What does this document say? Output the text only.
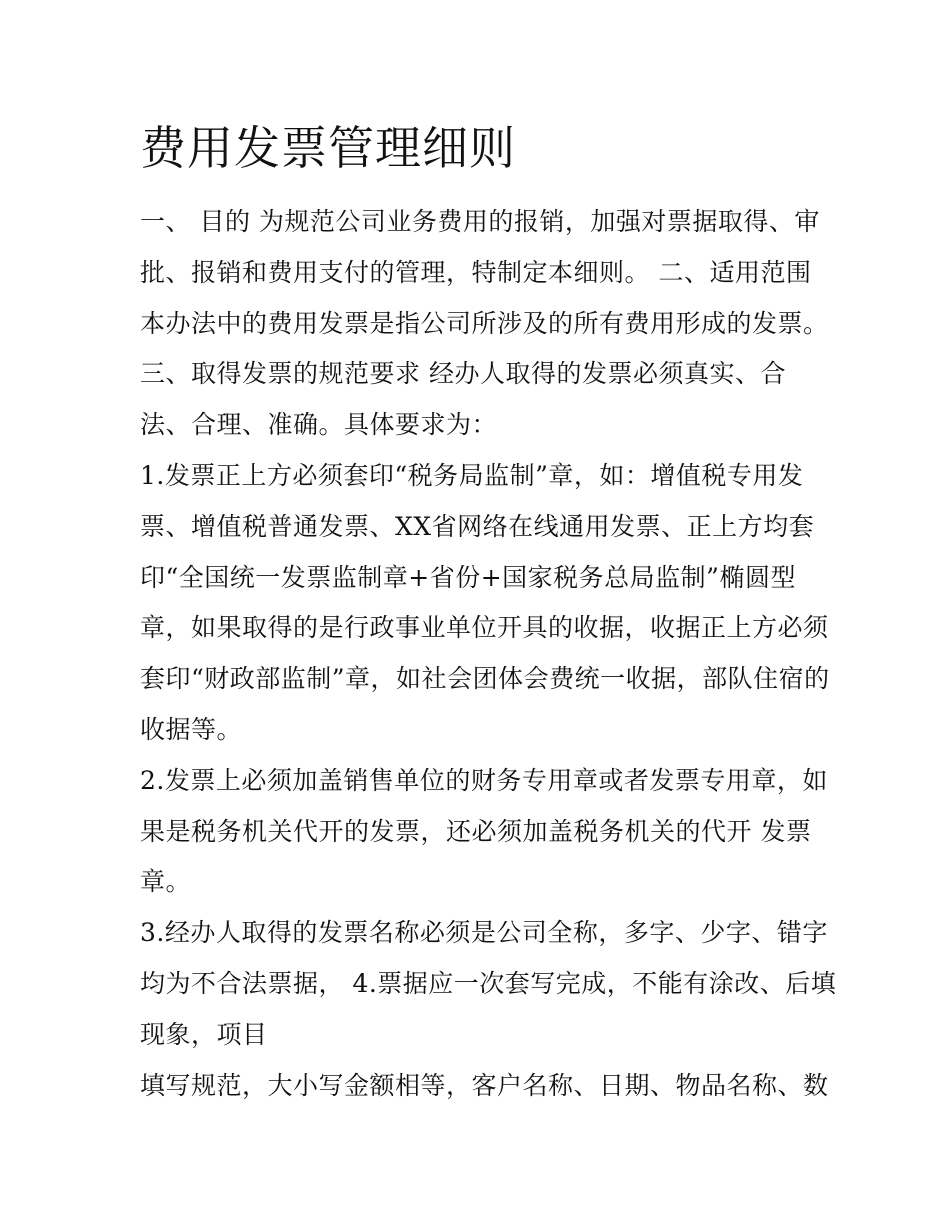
费用发票管理细则
一、 目的 为规范公司业务费用的报销，加强对票据取得、审
批、报销和费用支付的管理，特制定本细则。 二、适用范围
本办法中的费用发票是指公司所涉及的所有费用形成的发票。
三、取得发票的规范要求 经办人取得的发票必须真实、合
法、合理、准确。具体要求为：
1.发票正上方必须套印“税务局监制”章，如：增值税专用发
票、增值税普通发票、XX省网络在线通用发票、正上方均套
印“全国统一发票监制章+省份+国家税务总局监制”椭圆型
章，如果取得的是行政事业单位开具的收据，收据正上方必须
套印“财政部监制”章，如社会团体会费统一收据，部队住宿的
收据等。
2.发票上必须加盖销售单位的财务专用章或者发票专用章，如
果是税务机关代开的发票，还必须加盖税务机关的代开 发票
章。
3.经办人取得的发票名称必须是公司全称，多字、少字、错字
均为不合法票据， 4.票据应一次套写完成，不能有涂改、后填
现象，项目
填写规范，大小写金额相等，客户名称、日期、物品名称、数
